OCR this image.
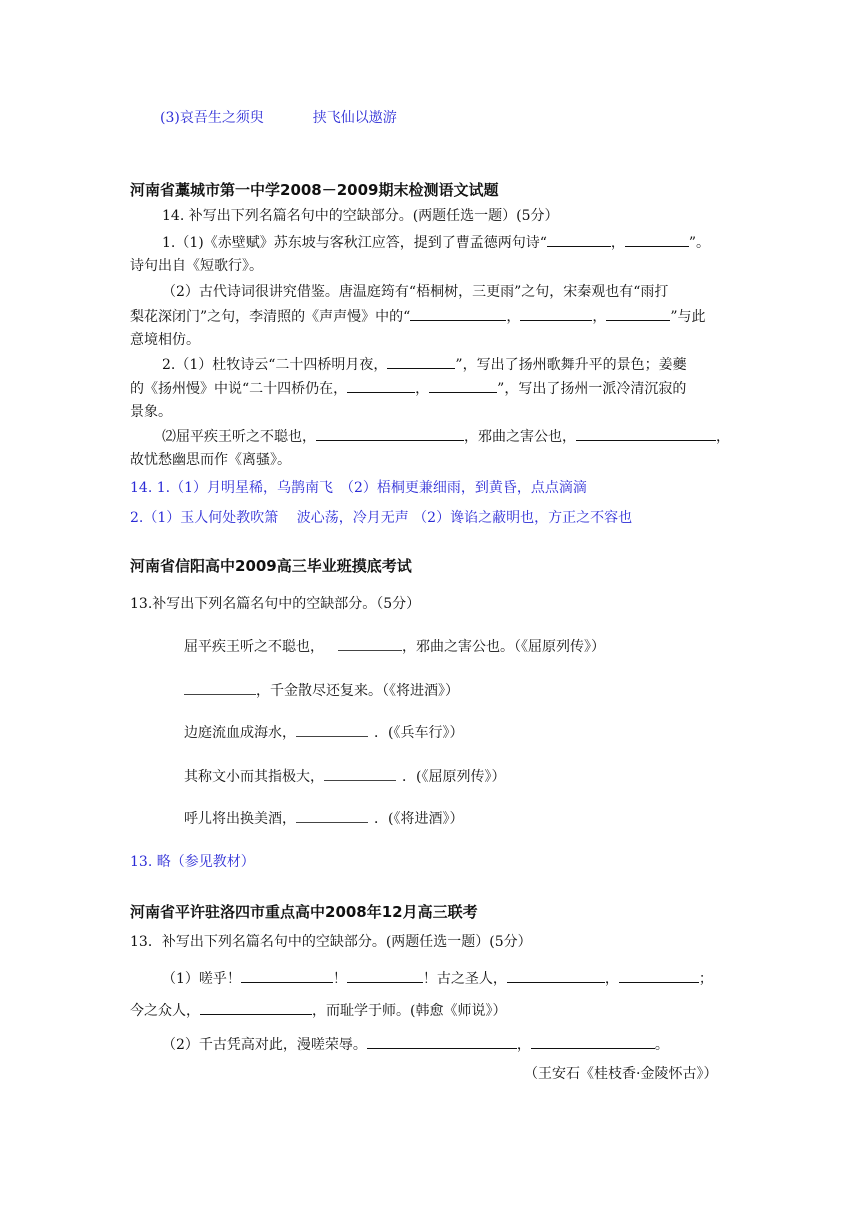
(3)哀吾生之须臾	挟飞仙以遨游
河南省藁城市第一中学2008－2009期末检测语文试题
14. 补写出下列名篇名句中的空缺部分。(两题任选一题）(5分）
1.（1)《赤壁赋》苏东坡与客秋江应答，提到了曹孟德两句诗“	，	”。
诗句出自《短歌行》。
（2）古代诗词很讲究借鉴。唐温庭筠有“梧桐树，三更雨”之句，宋秦观也有“雨打
梨花深闭门”之句，李清照的《声声慢》中的“	，	，	”与此
意境相仿。
2.（1）杜牧诗云“二十四桥明月夜，	”，写出了扬州歌舞升平的景色；姜夔
的《扬州慢》中说“二十四桥仍在，	，	”，写出了扬州一派冷清沉寂的
景象。
⑵屈平疾王听之不聪也，	，邪曲之害公也，	，
故忧愁幽思而作《离骚》。
14. 1.（1）月明星稀，乌鹊南飞　（2）梧桐更兼细雨，到黄昏，点点滴滴
2.（1）玉人何处教吹箫　 波心荡，冷月无声 （2）谗谄之蔽明也，方正之不容也
河南省信阳高中2009高三毕业班摸底考试
13.补写出下列名篇名句中的空缺部分。（5分）
屈平疾王听之不聪也，	，邪曲之害公也。（《屈原列传》）
，千金散尽还复来。（《将进酒》）
边庭流血成海水，	．(《兵车行》）
其称文小而其指极大，	．(《屈原列传》）
呼儿将出换美酒，	．(《将进酒》）
13. 略（参见教材）
河南省平许驻洛四市重点高中2008年12月高三联考
13．补写出下列名篇名句中的空缺部分。(两题任选一题）(5分）
（1）嗟乎！	！	！古之圣人，	，	；
今之众人，	，而耻学于师。(韩愈《师说》）
（2）千古凭高对此，漫嗟荣辱。	，	。
（王安石《桂枝香·金陵怀古》）
